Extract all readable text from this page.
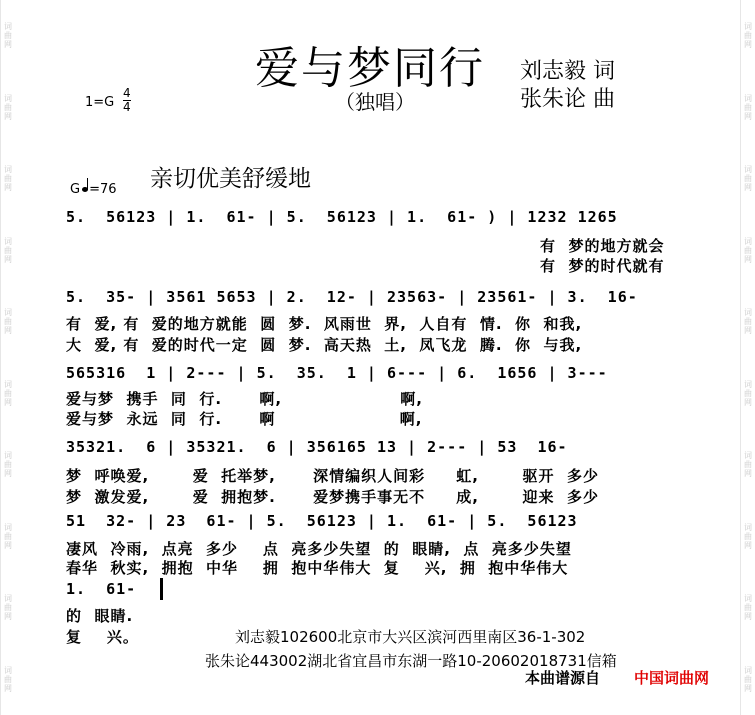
词曲网
词曲网
词曲网
词曲网
词曲网
词曲网
词曲网
词曲网
词曲网
词曲网
词曲网
词曲网
词曲网
词曲网
词曲网
词曲网
词曲网
词曲网
词曲网
词曲网
爱与梦同行
（独唱）
刘志毅 词
张朱论 曲
1=G
4
4
亲切优美舒缓地
G =76
5.  56123 | 1.  61- | 5.  56123 | 1.  61- ) | 1232 1265
有  梦的地方就会
有  梦的时代就有
5.  35- | 3561 5653 | 2.  12- | 23563- | 23561- | 3.  16-
有  爱, 有  爱的地方就能  圆  梦.  风雨世  界,  人自有  情.  你  和我,
大  爱, 有  爱的时代一定  圆  梦.  高天热  土,  凤飞龙  腾.  你  与我,
565316  1 | 2--- | 5.  35.  1 | 6--- | 6.  1656 | 3---
爱与梦  携手  同  行.      啊,                   啊,
爱与梦  永远  同  行.      啊                    啊,
35321.  6 | 35321.  6 | 356165 13 | 2--- | 53  16-
梦  呼唤爱,       爱  托举梦,      深情编织人间彩     虹,       驱开  多少
梦  激发爱,       爱  拥抱梦.      爱梦携手事无不     成,       迎来  多少
51  32- | 23  61- | 5.  56123 | 1.  61- | 5.  56123
凄风  冷雨,  点亮  多少    点  亮多少失望  的  眼睛,  点  亮多少失望
春华  秋实,  拥抱  中华    拥  抱中华伟大  复    兴,  拥  抱中华伟大
1.  61-
的  眼睛.
复    兴。	刘志毅102600北京市大兴区滨河西里南区36-1-302
张朱论443002湖北省宜昌市东湖一路10-20602018731信箱
本曲谱源自 中国词曲网
